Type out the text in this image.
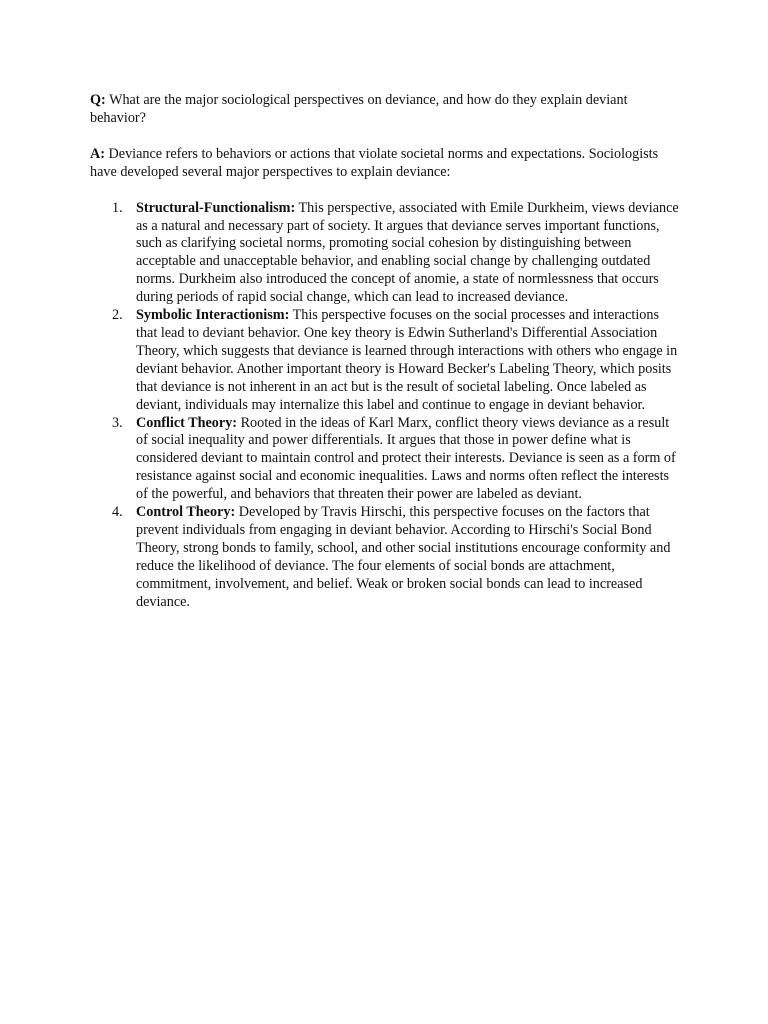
Q: What are the major sociological perspectives on deviance, and how do they explain deviant behavior?

A: Deviance refers to behaviors or actions that violate societal norms and expectations. Sociologists have developed several major perspectives to explain deviance:

1. Structural-Functionalism: This perspective, associated with Emile Durkheim, views deviance as a natural and necessary part of society. It argues that deviance serves important functions, such as clarifying societal norms, promoting social cohesion by distinguishing between acceptable and unacceptable behavior, and enabling social change by challenging outdated norms. Durkheim also introduced the concept of anomie, a state of normlessness that occurs during periods of rapid social change, which can lead to increased deviance.
2. Symbolic Interactionism: This perspective focuses on the social processes and interactions that lead to deviant behavior. One key theory is Edwin Sutherland's Differential Association Theory, which suggests that deviance is learned through interactions with others who engage in deviant behavior. Another important theory is Howard Becker's Labeling Theory, which posits that deviance is not inherent in an act but is the result of societal labeling. Once labeled as deviant, individuals may internalize this label and continue to engage in deviant behavior.
3. Conflict Theory: Rooted in the ideas of Karl Marx, conflict theory views deviance as a result of social inequality and power differentials. It argues that those in power define what is considered deviant to maintain control and protect their interests. Deviance is seen as a form of resistance against social and economic inequalities. Laws and norms often reflect the interests of the powerful, and behaviors that threaten their power are labeled as deviant.
4. Control Theory: Developed by Travis Hirschi, this perspective focuses on the factors that prevent individuals from engaging in deviant behavior. According to Hirschi's Social Bond Theory, strong bonds to family, school, and other social institutions encourage conformity and reduce the likelihood of deviance. The four elements of social bonds are attachment, commitment, involvement, and belief. Weak or broken social bonds can lead to increased deviance.
